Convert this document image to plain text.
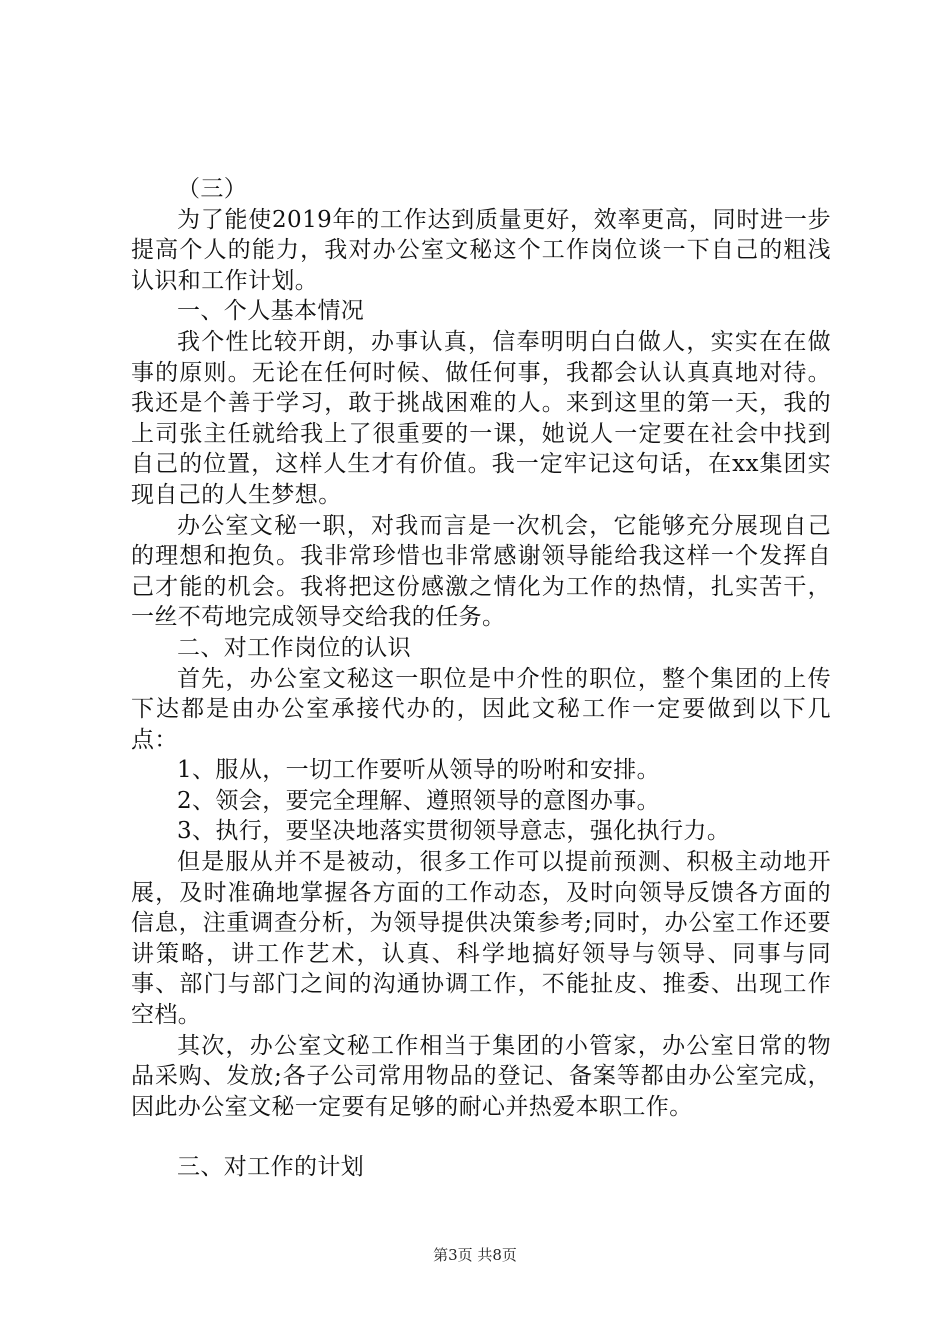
（三）

为了能使2019年的工作达到质量更好，效率更高，同时进一步提高个人的能力，我对办公室文秘这个工作岗位谈一下自己的粗浅认识和工作计划。

一、个人基本情况

我个性比较开朗，办事认真，信奉明明白白做人，实实在在做事的原则。无论在任何时候、做任何事，我都会认认真真地对待。我还是个善于学习，敢于挑战困难的人。来到这里的第一天，我的上司张主任就给我上了很重要的一课，她说人一定要在社会中找到自己的位置，这样人生才有价值。我一定牢记这句话，在xx集团实现自己的人生梦想。

办公室文秘一职，对我而言是一次机会，它能够充分展现自己的理想和抱负。我非常珍惜也非常感谢领导能给我这样一个发挥自己才能的机会。我将把这份感激之情化为工作的热情，扎实苦干，一丝不苟地完成领导交给我的任务。

二、对工作岗位的认识

首先，办公室文秘这一职位是中介性的职位，整个集团的上传下达都是由办公室承接代办的，因此文秘工作一定要做到以下几点：

1、服从，一切工作要听从领导的吩咐和安排。

2、领会，要完全理解、遵照领导的意图办事。

3、执行，要坚决地落实贯彻领导意志，强化执行力。

但是服从并不是被动，很多工作可以提前预测、积极主动地开展，及时准确地掌握各方面的工作动态，及时向领导反馈各方面的信息，注重调查分析，为领导提供决策参考;同时，办公室工作还要讲策略，讲工作艺术，认真、科学地搞好领导与领导、同事与同事、部门与部门之间的沟通协调工作，不能扯皮、推委、出现工作空档。

其次，办公室文秘工作相当于集团的小管家，办公室日常的物品采购、发放;各子公司常用物品的登记、备案等都由办公室完成，因此办公室文秘一定要有足够的耐心并热爱本职工作。

三、对工作的计划

第3页 共8页
